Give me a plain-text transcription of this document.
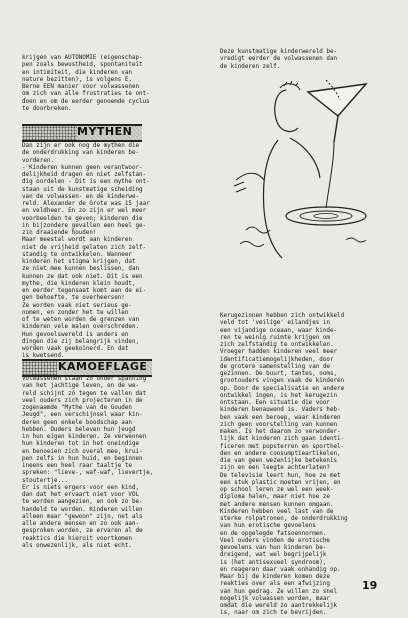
krijgen van AUTONOMIE (eigenschap-
pen zoals bewustheid, spontaniteit
en intimiteit, die kinderen van
nature bezitten), is volgens E.
Berne EEN manier voor volwassenen
om zich van alle frustraties te ont-
doen en om de eerder genoemde cyclus
te doorbreken.
MYTHEN
Dan zijn er ook nog de mythen die
de onderdrukking van kinderen be-
vorderen.
- Kinderen kunnen geen verantwoor-
delijkheid dragen en niet zelfstan-
dig oordelen - Dit is een mythe ont-
staan uit de kunstmatige scheiding
van de volwassen- en de kinderwe-
reld. Alexander de Grote was 15 jaar
en veldheer. En zo zijn er wel meer
voorbeelden te geven; kinderen die
in bijzondere gevallen een heel ge-
zin draaiende houden!
Maar meestal wordt aan kinderen
niet de vrijheid gelaten zich zelf-
standig te ontwikkelen. Wanneer
kinderen het stigma krijgen, dat
ze niet mee kunnen beslissen, dan
kunnen ze dat ook niet. Dit is een
mythe, die kinderen klein houdt,
en eerder tegensaat komt aan de ei-
gen behoefte, te overheersen!
Ze worden vaak niet serieus ge-
nomen, en zonder het te willen
of te weten worden de grenzen van
kinderen vele malen overschreden.
Hun gevoelswereld is anders en
dingen die zij belangrijk vinden,
worden vaak geekoinerd. En dat
is kwetsend.
KAMOEFLAGE
Volwassenen staan zó onder spanning
van het jachtige leven, en de we-
reld schijnt zó tegen te vallen dat
veel ouders zich projecteren in de
zogenaamde "Mythe van de Gouden
Jeugd", een verschijnsel waar kin-
deren geen enkele boodschap aan
hebben. Ouders beleven hun jeugd
in hun eigen kinderen. Ze verwennen
hun kinderen tot in het oneindige
en benoeien zich overal mee, krui-
pen zelfs in hun huid, en beginnen
ineens een heel raar taaltje te
spreken: "lieve-, waf-waf, lievertje,
stoutertje...
Er is niets ergers voor een kind,
dan dat het ervaart niet voor VOL
te worden aangezien, en ook zo be-
handeld te worden. Kinderen willen
alleen maar "gewoon" zijn, net als
alle andere mensen en zo ook aan-
gesproken worden, ze ervaren al de
reaktics die hieruit voortkomen
als onwezenlijk, als niet echt.
Deze kunstmatige kinderwereld be-
vredigt eerder de volwassenen dan
de kinderen zelf.
Kerugezinnen hebben zich ontwikkeld
veld tot 'veilige' eilandjes in
een vijandige oceaan, waar kinde-
ren te weinig ruimte krijgen om
zich zelfstandig te ontwikkelen.
Vroeger hadden kinderen veel meer
identificatiemogelijkheden, door
de grotere samenstelling van de
gezinnen. De buurt, tantes, ooms,
grootouders vingen vaak de kinderen
op. Door de specialisatie en andere
ontwikkel ingen, is het kerugezin
ontstaan. Een situatie die voor
kinderen benauwend is. Vaders heb-
ben vaak een beroep, waar kinderen
zich geen voorstelling van kunnen
maken. Is het daarom zo verwonder-
lijk dat kinderen zich gaan identi-
ficeren met popsterren en sporthel-
den en andere consumptieartikelen,
die van geen wezenlijke betekenis
zijn en een leegte achterlaten?
De televisie leert hun, hoe ze met
een stuk plastic moeten vrijen, en
op school leren ze wel een week-
diploma halen, maar niet hoe ze
met andere mensen kunnen omgaan.
Kinderen hebben veel last van de
sterke rolpatronen, de onderdrukking
van hun erotische gevoelens
en de opgelegde fatsoennormen.
Veel ouders vinden de erotische
gevoelens van hun kinderen be-
dreigend, wat wel begrijpelijk
is (het antisexueel syndroom),
en reageren daar vaak onhandig op.
Maar bij de kinderen komen deze
reakties over als een afwijzing
van hun gedrag. Ze willen zo snel
mogelijk volwassen worden, maar
omdat die wereld zo aantrekkelijk
is, naar om zich te bevrijden.
19
